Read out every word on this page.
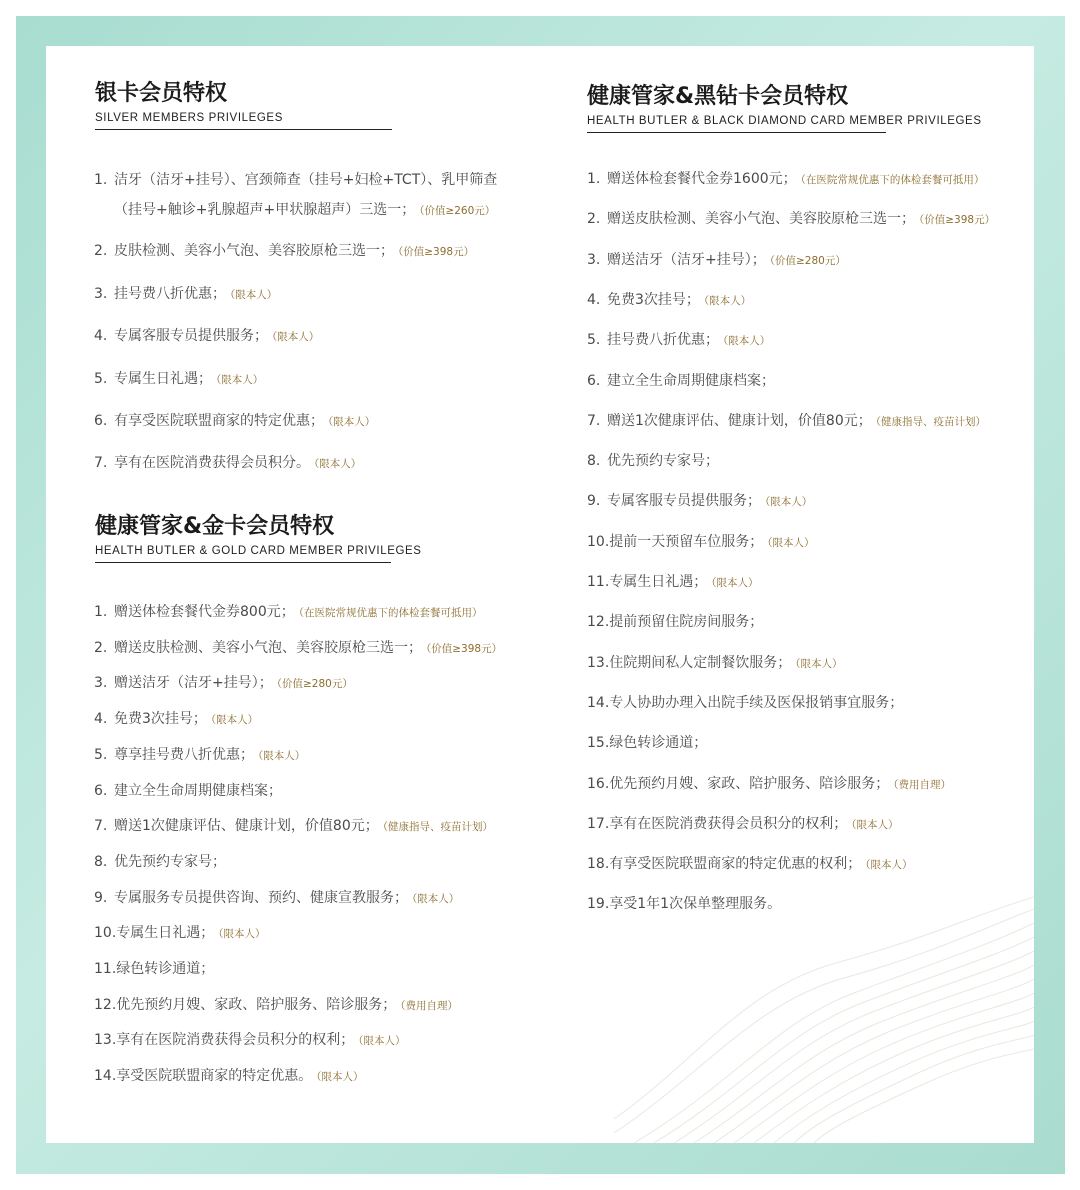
银卡会员特权
SILVER MEMBERS PRIVILEGES
1. 洁牙（洁牙+挂号）、宫颈筛查（挂号+妇检+TCT）、乳甲筛查
（挂号+触诊+乳腺超声+甲状腺超声）三选一； （价值≥260元）
2. 皮肤检测、美容小气泡、美容胶原枪三选一； （价值≥398元）
3. 挂号费八折优惠； （限本人）
4. 专属客服专员提供服务； （限本人）
5. 专属生日礼遇； （限本人）
6. 有享受医院联盟商家的特定优惠； （限本人）
7. 享有在医院消费获得会员积分。 （限本人）
健康管家&金卡会员特权
HEALTH BUTLER & GOLD CARD MEMBER PRIVILEGES
1. 赠送体检套餐代金券800元； （在医院常规优惠下的体检套餐可抵用）
2. 赠送皮肤检测、美容小气泡、美容胶原枪三选一； （价值≥398元）
3. 赠送洁牙（洁牙+挂号）； （价值≥280元）
4. 免费3次挂号； （限本人）
5. 尊享挂号费八折优惠； （限本人）
6. 建立全生命周期健康档案；
7. 赠送1次健康评估、健康计划，价值80元； （健康指导、疫苗计划）
8. 优先预约专家号；
9. 专属服务专员提供咨询、预约、健康宣教服务； （限本人）
10.专属生日礼遇； （限本人）
11.绿色转诊通道；
12.优先预约月嫂、家政、陪护服务、陪诊服务； （费用自理）
13.享有在医院消费获得会员积分的权利； （限本人）
14.享受医院联盟商家的特定优惠。 （限本人）
健康管家&黑钻卡会员特权
HEALTH BUTLER & BLACK DIAMOND CARD MEMBER PRIVILEGES
1. 赠送体检套餐代金券1600元； （在医院常规优惠下的体检套餐可抵用）
2. 赠送皮肤检测、美容小气泡、美容胶原枪三选一； （价值≥398元）
3. 赠送洁牙（洁牙+挂号）； （价值≥280元）
4. 免费3次挂号； （限本人）
5. 挂号费八折优惠； （限本人）
6. 建立全生命周期健康档案；
7. 赠送1次健康评估、健康计划，价值80元； （健康指导、疫苗计划）
8. 优先预约专家号；
9. 专属客服专员提供服务； （限本人）
10.提前一天预留车位服务； （限本人）
11.专属生日礼遇； （限本人）
12.提前预留住院房间服务；
13.住院期间私人定制餐饮服务； （限本人）
14.专人协助办理入出院手续及医保报销事宜服务；
15.绿色转诊通道；
16.优先预约月嫂、家政、陪护服务、陪诊服务； （费用自理）
17.享有在医院消费获得会员积分的权利； （限本人）
18.有享受医院联盟商家的特定优惠的权利； （限本人）
19.享受1年1次保单整理服务。
